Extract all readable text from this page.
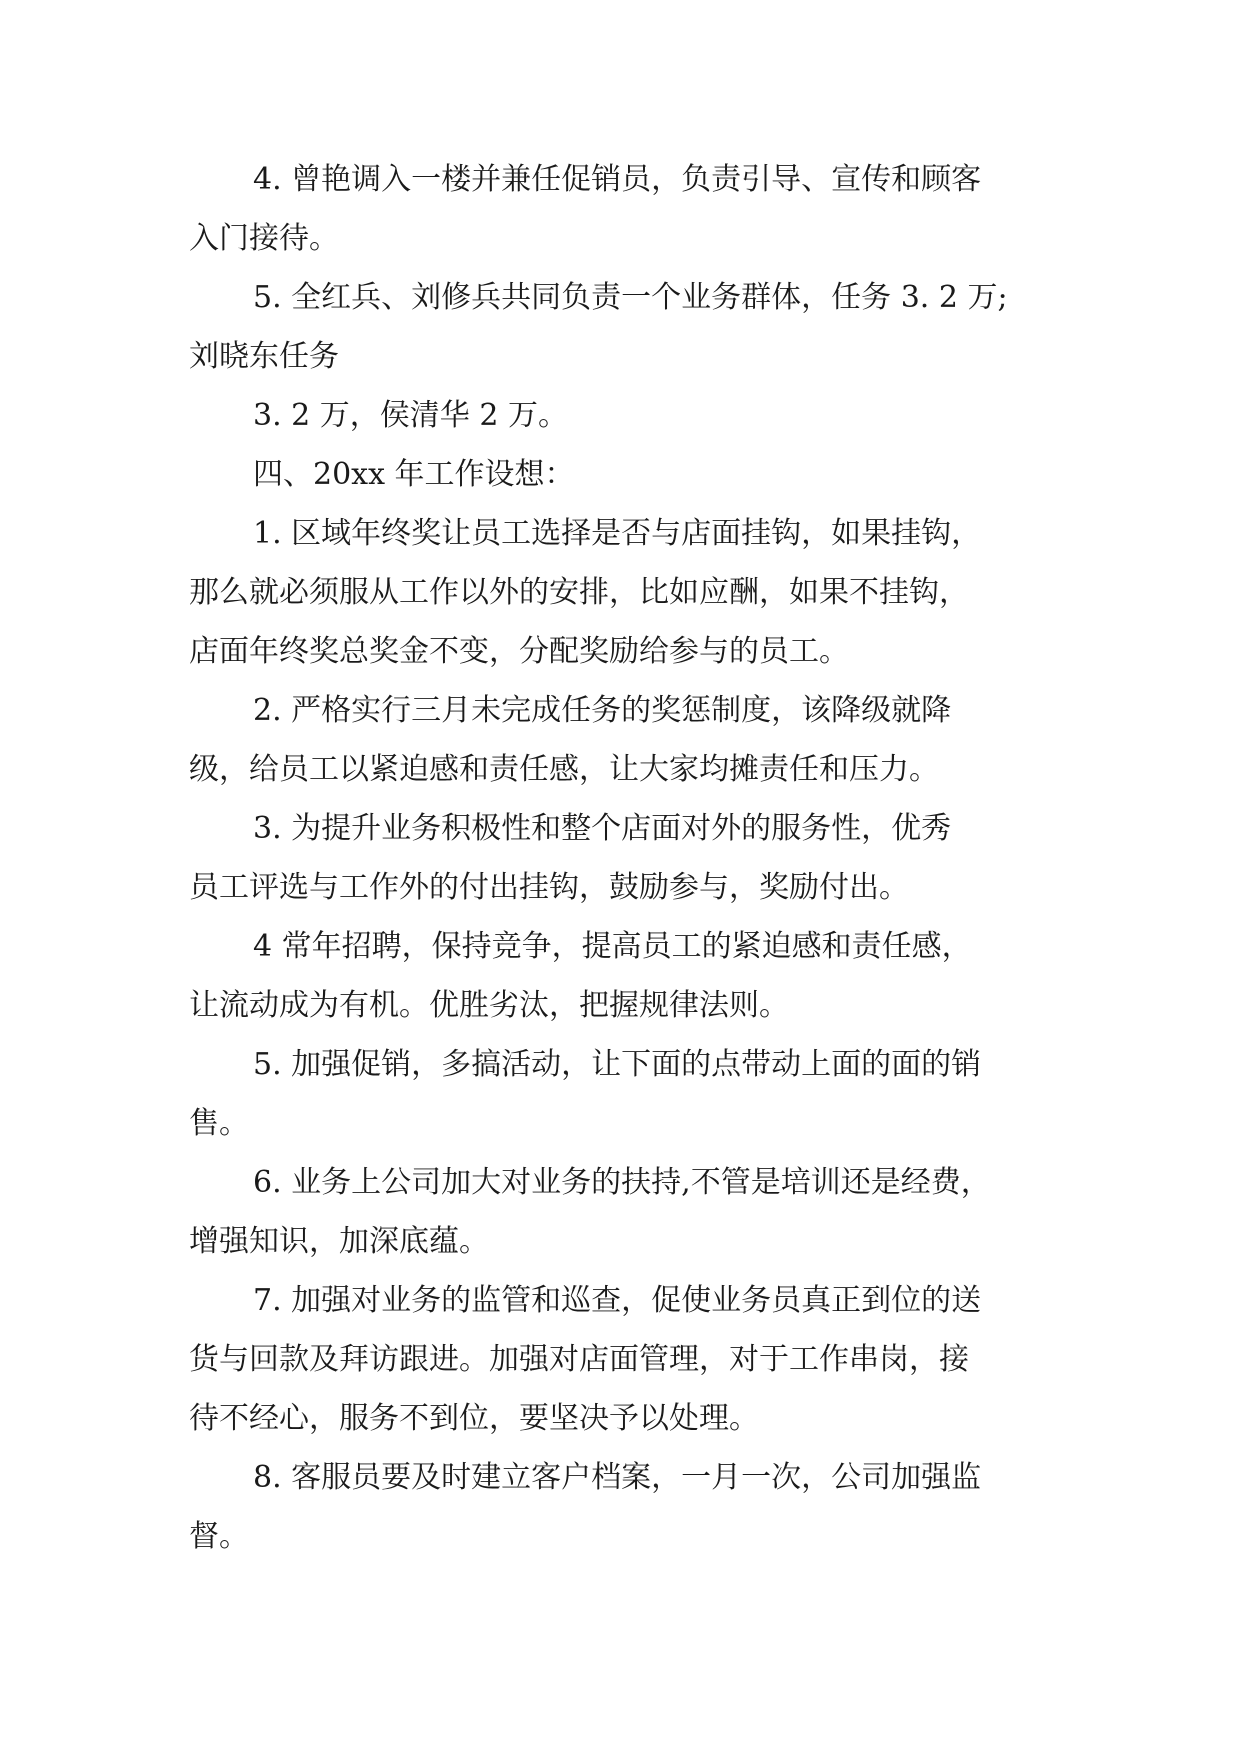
4. 曾艳调入一楼并兼任促销员，负责引导、宣传和顾客
入门接待。

5. 全红兵、刘修兵共同负责一个业务群体，任务 3. 2 万;
刘晓东任务

3. 2 万，侯清华 2 万。

四、20xx 年工作设想：

1. 区域年终奖让员工选择是否与店面挂钩，如果挂钩，
那么就必须服从工作以外的安排，比如应酬，如果不挂钩，
店面年终奖总奖金不变，分配奖励给参与的员工。

2. 严格实行三月未完成任务的奖惩制度，该降级就降
级，给员工以紧迫感和责任感，让大家均摊责任和压力。

3. 为提升业务积极性和整个店面对外的服务性，优秀
员工评选与工作外的付出挂钩，鼓励参与，奖励付出。

4 常年招聘，保持竞争，提高员工的紧迫感和责任感，
让流动成为有机。优胜劣汰，把握规律法则。

5. 加强促销，多搞活动，让下面的点带动上面的面的销
售。

6. 业务上公司加大对业务的扶持,不管是培训还是经费，
增强知识，加深底蕴。

7. 加强对业务的监管和巡查，促使业务员真正到位的送
货与回款及拜访跟进。加强对店面管理，对于工作串岗，接
待不经心，服务不到位，要坚决予以处理。

8. 客服员要及时建立客户档案，一月一次，公司加强监
督。
